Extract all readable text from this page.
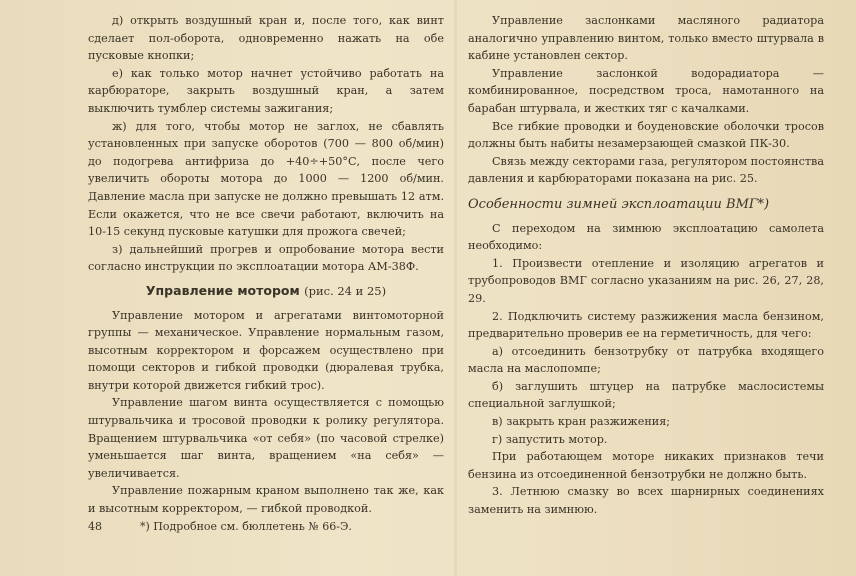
д) открыть воздушный кран и, после того, как винт сделает пол-оборота, одновременно нажать на обе пусковые кнопки;

е) как только мотор начнет устойчиво работать на карбюраторе, закрыть воздушный кран, а затем выключить тумблер системы зажигания;

ж) для того, чтобы мотор не заглох, не сбавлять установленных при запуске оборотов (700 — 800 об/мин) до подогрева антифриза до +40÷+50°С, после чего увеличить обороты мотора до 1000 — 1200 об/мин. Давление масла при запуске не должно превышать 12 атм. Если окажется, что не все свечи работают, включить на 10-15 секунд пусковые катушки для прожога свечей;

з) дальнейший прогрев и опробование мотора вести согласно инструкции по эксплоатации мотора АМ-38Ф.

Управление мотором (рис. 24 и 25)

Управление мотором и агрегатами винтомоторной группы — механическое. Управление нормальным газом, высотным корректором и форсажем осуществлено при помощи секторов и гибкой проводки (дюралевая трубка, внутри которой движется гибкий трос).

Управление шагом винта осуществляется с помощью штурвальчика и тросовой проводки к ролику регулятора. Вращением штурвальчика «от себя» (по часовой стрелке) уменьшается шаг винта, вращением «на себя» — увеличивается.

Управление пожарным краном выполнено так же, как и высотным корректором, — гибкой проводкой.

Управление заслонками масляного радиатора аналогично управлению винтом, только вместо штурвала в кабине установлен сектор.

Управление заслонкой водорадиатора — комбинированное, посредством троса, намотанного на барабан штурвала, и жестких тяг с качалками.

Все гибкие проводки и боуденовские оболочки тросов должны быть набиты незамерзающей смазкой ПК-30.

Связь между секторами газа, регулятором постоянства давления и карбюраторами показана на рис. 25.

Особенности зимней эксплоатации ВМГ*)

С переходом на зимнюю эксплоатацию самолета необходимо:

1. Произвести отепление и изоляцию агрегатов и трубопроводов ВМГ согласно указаниям на рис. 26, 27, 28, 29.

2. Подключить систему разжижения масла бензином, предварительно проверив ее на герметичность, для чего:

а) отсоединить бензотрубку от патрубка входящего масла на маслопомпе;

б) заглушить штуцер на патрубке маслосистемы специальной заглушкой;

в) закрыть кран разжижения;

г) запустить мотор.

При работающем моторе никаких признаков течи бензина из отсоединенной бензотрубки не должно быть.

3. Летнюю смазку во всех шарнирных соединениях заменить на зимнюю.

48	*) Подробное см. бюллетень № 66-Э.
